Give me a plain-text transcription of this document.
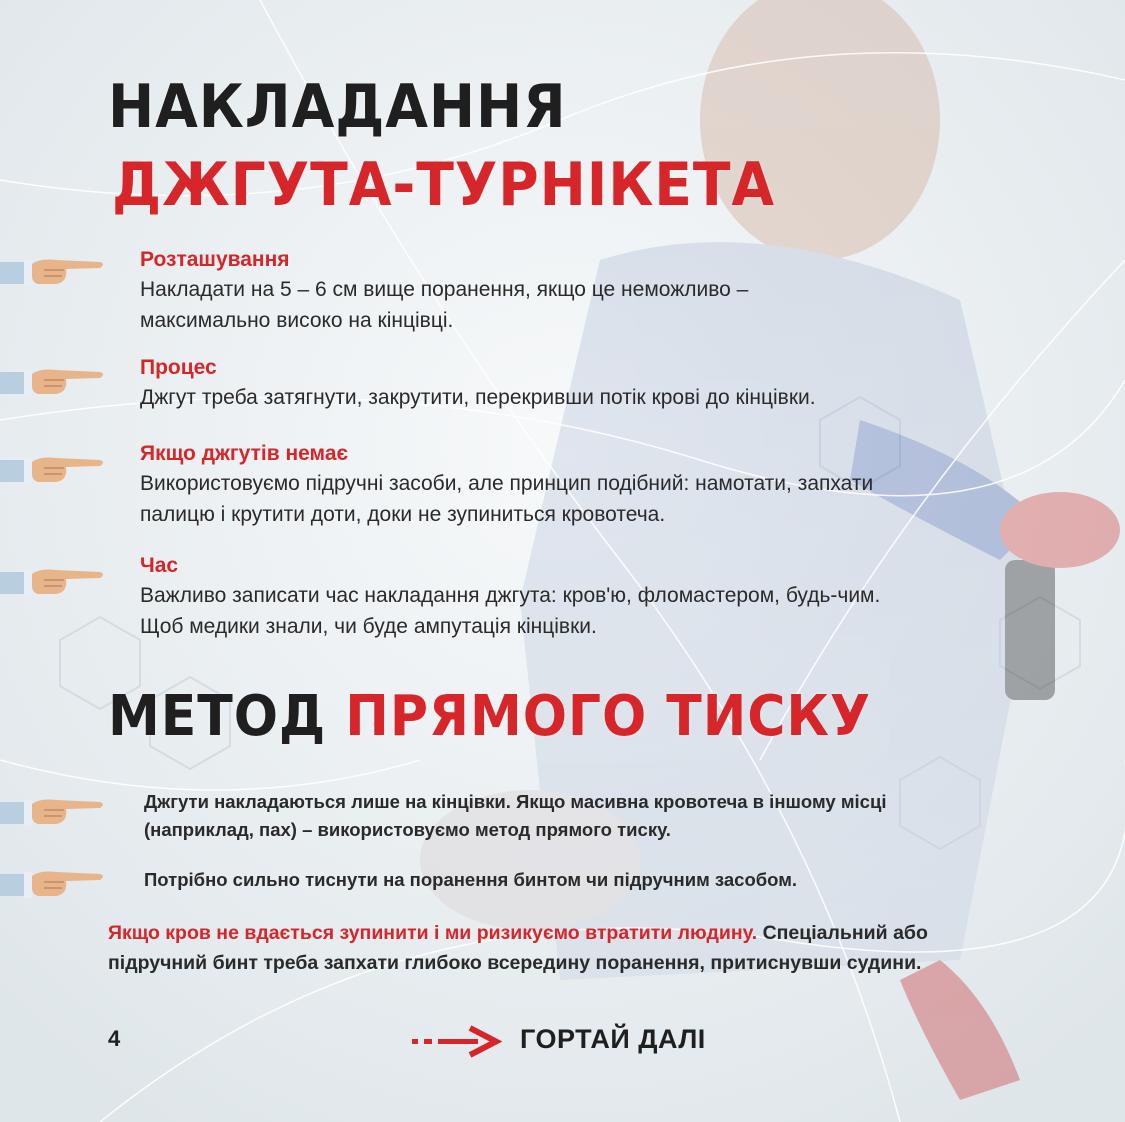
НАКЛАДАННЯ
ДЖГУТА-ТУРНІКЕТА
Розташування
Накладати на 5 – 6 см вище поранення, якщо це неможливо –
максимально високо на кінцівці.
Процес
Джгут треба затягнути, закрутити, перекривши потік крові до кінцівки.
Якщо джгутів немає
Використовуємо підручні засоби, але принцип подібний: намотати, запхати
палицю і крутити доти, доки не зупиниться кровотеча.
Час
Важливо записати час накладання джгута: кров'ю, фломастером, будь-чим.
Щоб медики знали, чи буде ампутація кінцівки.
МЕТОД ПРЯМОГО ТИСКУ
Джгути накладаються лише на кінцівки. Якщо масивна кровотеча в іншому місці
(наприклад, пах) – використовуємо метод прямого тиску.
Потрібно сильно тиснути на поранення бинтом чи підручним засобом.
Якщо кров не вдається зупинити і ми ризикуємо втратити людину. Спеціальний або
підручний бинт треба запхати глибоко всередину поранення, притиснувши судини.
4	ГОРТАЙ ДАЛІ
